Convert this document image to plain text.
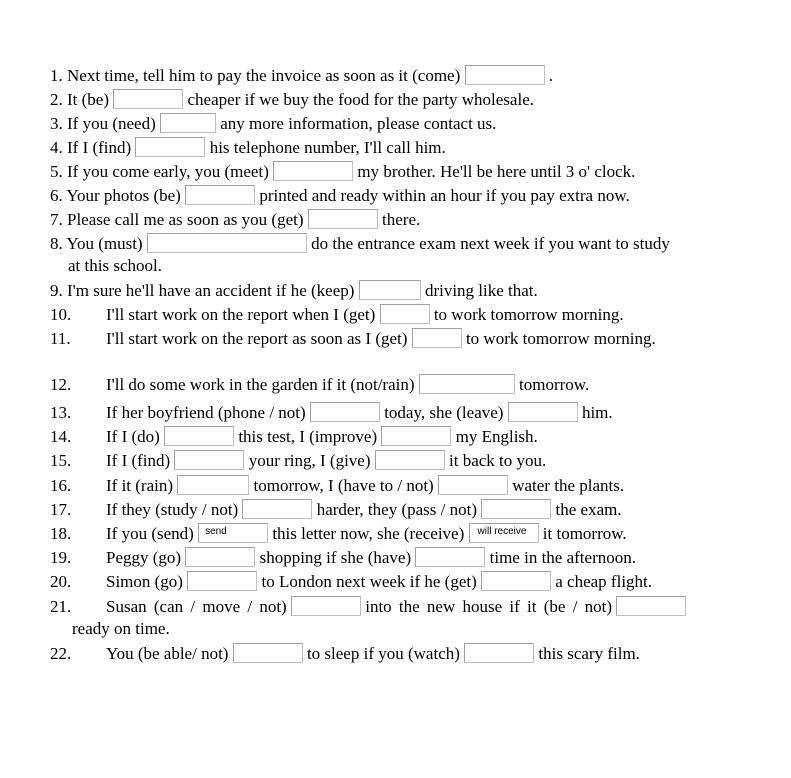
1. Next time, tell him to pay the invoice as soon as it (come)	.
2. It (be)	cheaper if we buy the food for the party wholesale.
3. If you (need)	any more information, please contact us.
4. If I (find)	his telephone number, I'll call him.
5. If you come early, you (meet)	my brother. He'll be here until 3 o' clock.
6. Your photos (be)	printed and ready within an hour if you pay extra now.
7. Please call me as soon as you (get)	there.
8. You (must)	do the entrance exam next week if you want to study
at this school.
9. I'm sure he'll have an accident if he (keep)	driving like that.
10. I'll start work on the report when I (get)	to work tomorrow morning.
11. I'll start work on the report as soon as I (get)	to work tomorrow morning.
12. I'll do some work in the garden if it (not/rain)	tomorrow.
13. If her boyfriend (phone / not)	today, she (leave)	him.
14. If I (do)	this test, I (improve)	my English.
15. If I (find)	your ring, I (give)	it back to you.
16. If it (rain)	tomorrow, I (have to / not)	water the plants.
17. If they (study / not)	harder, they (pass / not)	the exam.
18. If you (send) send	this letter now, she (receive) will receive it tomorrow.
19. Peggy (go)	shopping if she (have)	time in the afternoon.
20. Simon (go)	to London next week if he (get)	a cheap flight.
21. Susan (can / move / not)	into the new house if it (be / not)
ready on time.
22. You (be able/ not)	to sleep if you (watch)	this scary film.
